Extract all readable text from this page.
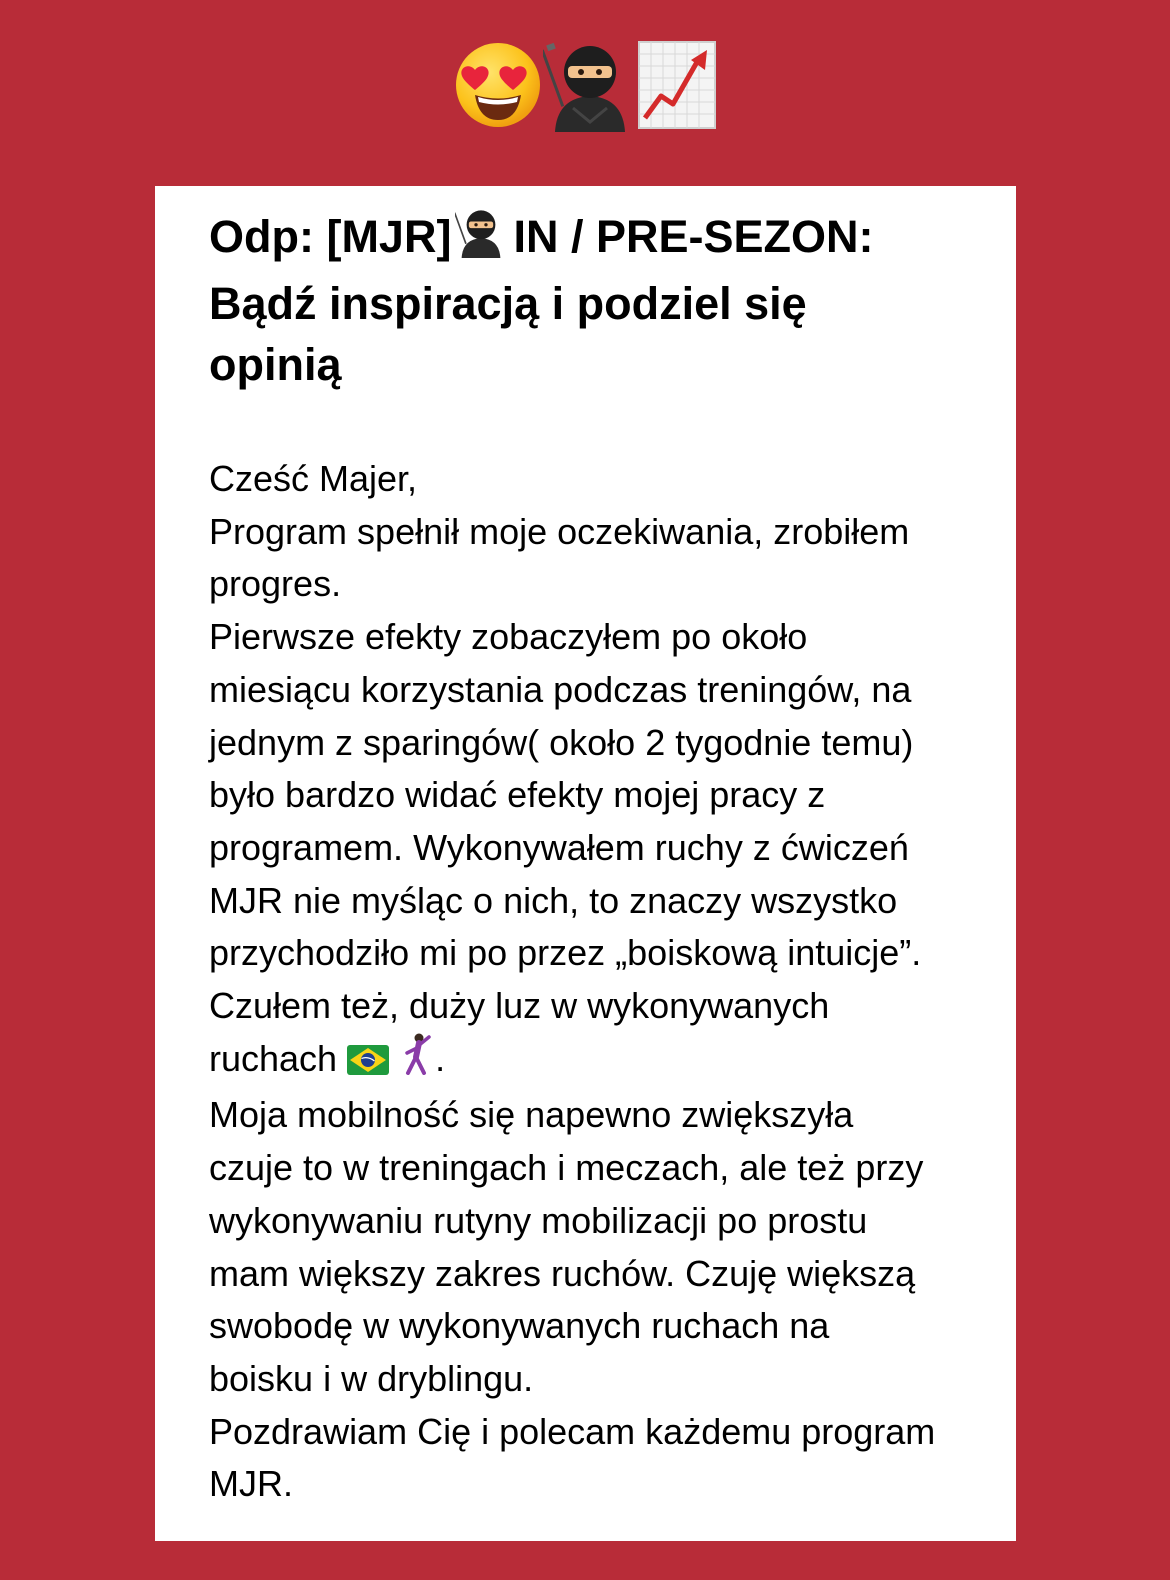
Odp: [MJR] IN / PRE-SEZON:
Bądź inspiracją i podziel się
opinią
Cześć Majer,
Program spełnił moje oczekiwania, zrobiłem
progres.
Pierwsze efekty zobaczyłem po około
miesiącu korzystania podczas treningów, na
jednym z sparingów( około 2 tygodnie temu)
było bardzo widać efekty mojej pracy z
programem. Wykonywałem ruchy z ćwiczeń
MJR nie myśląc o nich, to znaczy wszystko
przychodziło mi po przez „boiskową intuicje”.
Czułem też, duży luz w wykonywanych
ruchach	.
Moja mobilność się napewno zwiększyła
czuje to w treningach i meczach, ale też przy
wykonywaniu rutyny mobilizacji po prostu
mam większy zakres ruchów. Czuję większą
swobodę w wykonywanych ruchach na
boisku i w dryblingu.
Pozdrawiam Cię i polecam każdemu program
MJR.
